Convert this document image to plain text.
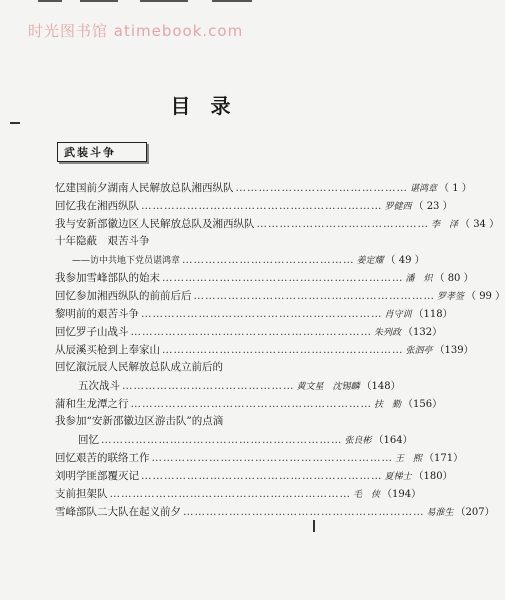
时光图书馆 atimebook.com
目　录
武装斗争
忆建国前夕湖南人民解放总队湘西纵队 ……………………………………… 谌鸿章 （ 1 ）
回忆我在湘西纵队 ……………………………………………………… 罗健西 （ 23 ）
我与安新部徽边区人民解放总队及湘西纵队 ……………………………………… 李　泽 （ 34 ）
十年隐蔽　艰苦斗争
——访中共地下党员谌鸿章 ……………………………………… 姜定耀 （ 49 ）
我参加雪峰部队的始末 ……………………………………………………… 潘　炽 （ 80 ）
回忆参加湘西纵队的前前后后 ……………………………………………………… 罗孝签 （ 99 ）
黎明前的艰苦斗争 ……………………………………………………… 肖守训 （118）
回忆罗子山战斗 ……………………………………………………… 朱列政 （132）
从辰溪买枪到上奉家山 ……………………………………………………… 张泗亭 （139）
回忆溆沅辰人民解放总队成立前后的
五次战斗 ……………………………………… 黄文星　沈锡麟 （148）
蒲和生龙潭之行 ……………………………………………………… 扶　勤 （156）
我参加“安新邵徽边区游击队”的点滴
回忆 ……………………………………………………… 张良彬 （164）
回忆艰苦的联络工作 ……………………………………………………… 王　熙 （171）
刘明学匪部覆灭记 ……………………………………………………… 夏梯士 （180）
支前担架队 ……………………………………………………… 毛　侠 （194）
雪峰部队二大队在起义前夕 ……………………………………………………… 易淮生 （207）
